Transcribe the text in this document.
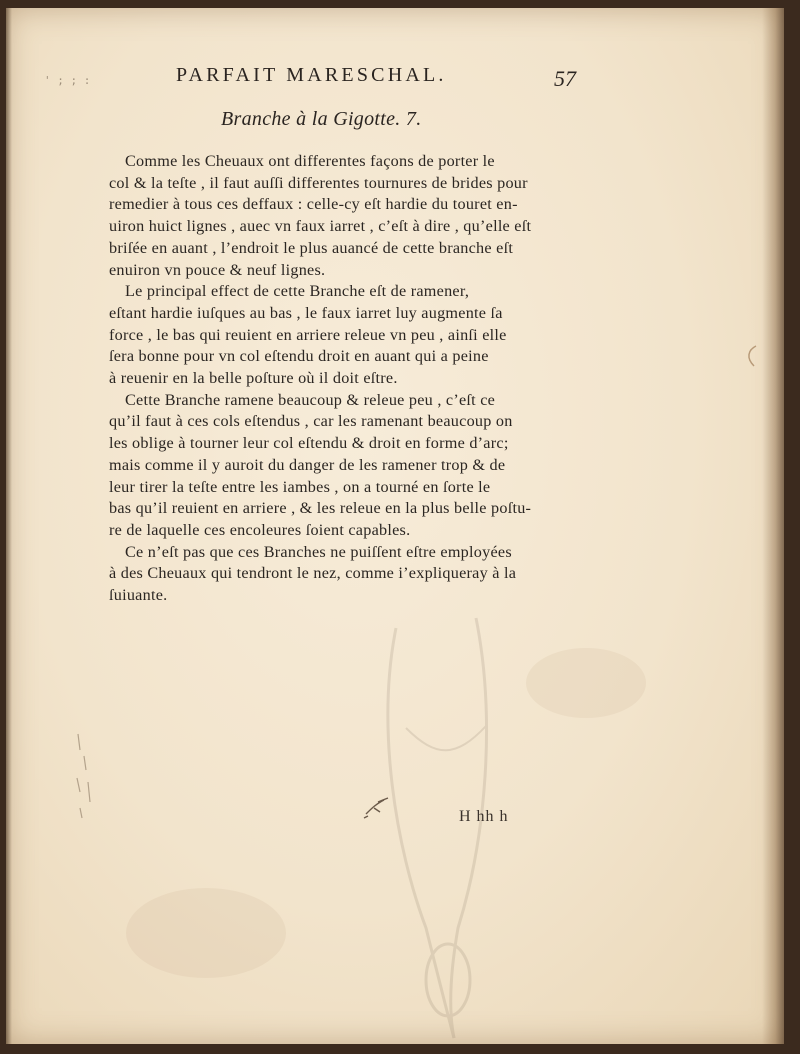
' ; ; :	PARFAIT MARESCHAL.	57
Branche à la Gigotte. 7.

Comme les Cheuaux ont differentes façons de porter le
col & la teſte , il faut auſſi differentes tournures de brides pour
remedier à tous ces deffaux : celle-cy eſt hardie du touret en-
uiron huict lignes , auec vn faux iarret , c’eſt à dire , qu’elle eſt
briſée en auant , l’endroit le plus auancé de cette branche eſt
enuiron vn pouce & neuf lignes.

Le principal effect de cette Branche eſt de ramener,
eſtant hardie iuſques au bas , le faux iarret luy augmente ſa
force , le bas qui reuient en arriere releue vn peu , ainſi elle
ſera bonne pour vn col eſtendu droit en auant qui a peine
à reuenir en la belle poſture où il doit eſtre.

Cette Branche ramene beaucoup & releue peu , c’eſt ce
qu’il faut à ces cols eſtendus , car les ramenant beaucoup on
les oblige à tourner leur col eſtendu & droit en forme d’arc;
mais comme il y auroit du danger de les ramener trop & de
leur tirer la teſte entre les iambes , on a tourné en ſorte le
bas qu’il reuient en arriere , & les releue en la plus belle poſtu-
re de laquelle ces encoleures ſoient capables.

Ce n’eſt pas que ces Branches ne puiſſent eſtre employées
à des Cheuaux qui tendront le nez, comme i’expliqueray à la
ſuiuante.

H hh h
